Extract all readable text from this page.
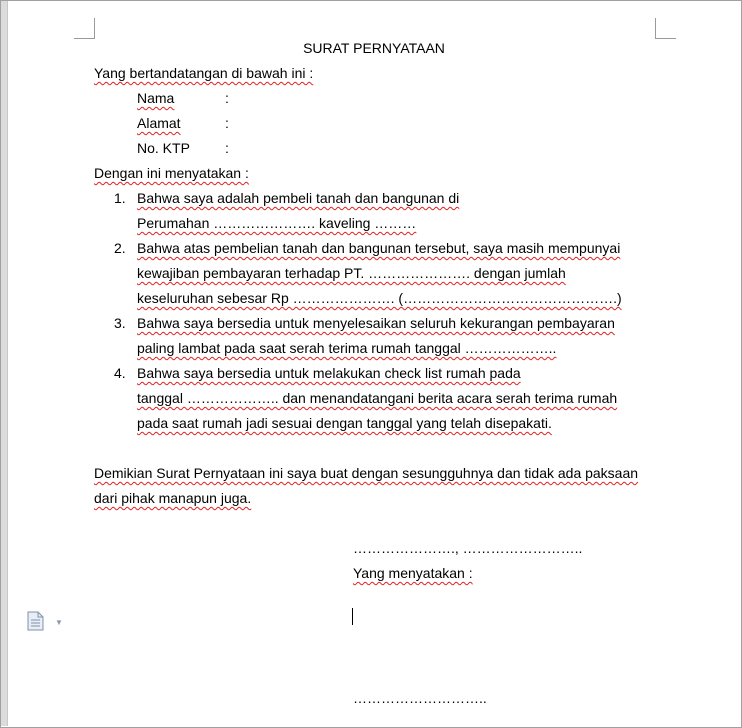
SURAT PERNYATAAN
Yang bertandatangan di bawah ini :
Nama	:
Alamat	:
No. KTP	:
Dengan ini menyatakan :
1. Bahwa saya adalah pembeli tanah dan bangunan di
Perumahan …………………. kaveling ………
2. Bahwa atas pembelian tanah dan bangunan tersebut, saya masih mempunyai
kewajiban pembayaran terhadap PT. …………………. dengan jumlah
keseluruhan sebesar Rp …………………. (……………………………………….)
3. Bahwa saya bersedia untuk menyelesaikan seluruh kekurangan pembayaran
paling lambat pada saat serah terima rumah tanggal ………………..
4. Bahwa saya bersedia untuk melakukan check list rumah pada
tanggal ……………….. dan menandatangani berita acara serah terima rumah
pada saat rumah jadi sesuai dengan tanggal yang telah disepakati.
Demikian Surat Pernyataan ini saya buat dengan sesungguhnya dan tidak ada paksaan
dari pihak manapun juga.
…………………., ……………………..
Yang menyatakan :
………………………..
▼
